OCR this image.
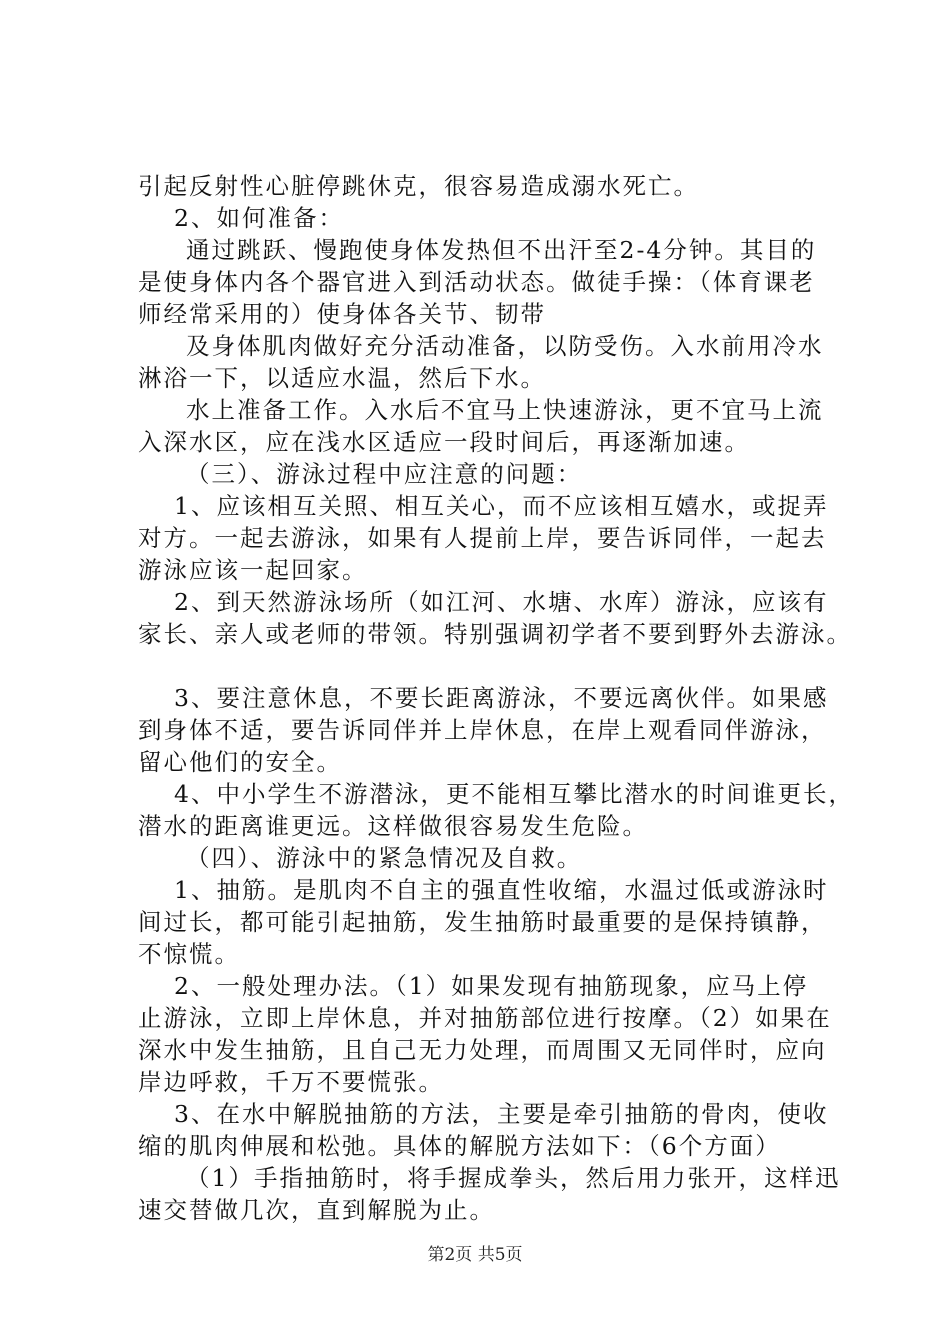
引起反射性心脏停跳休克，很容易造成溺水死亡。
2、如何准备：
通过跳跃、慢跑使身体发热但不出汗至2-4分钟。其目的
是使身体内各个器官进入到活动状态。做徒手操：（体育课老
师经常采用的）使身体各关节、韧带
及身体肌肉做好充分活动准备，以防受伤。入水前用冷水
淋浴一下，以适应水温，然后下水。
水上准备工作。入水后不宜马上快速游泳，更不宜马上流
入深水区，应在浅水区适应一段时间后，再逐渐加速。
（三）、游泳过程中应注意的问题：
1、应该相互关照、相互关心，而不应该相互嬉水，或捉弄
对方。一起去游泳，如果有人提前上岸，要告诉同伴，一起去
游泳应该一起回家。
2、到天然游泳场所（如江河、水塘、水库）游泳，应该有
家长、亲人或老师的带领。特别强调初学者不要到野外去游泳。
3、要注意休息，不要长距离游泳，不要远离伙伴。如果感
到身体不适，要告诉同伴并上岸休息，在岸上观看同伴游泳，
留心他们的安全。
4、中小学生不游潜泳，更不能相互攀比潜水的时间谁更长，
潜水的距离谁更远。这样做很容易发生危险。
（四）、游泳中的紧急情况及自救。
1、抽筋。是肌肉不自主的强直性收缩，水温过低或游泳时
间过长，都可能引起抽筋，发生抽筋时最重要的是保持镇静，
不惊慌。
2、一般处理办法。（1）如果发现有抽筋现象，应马上停
止游泳，立即上岸休息，并对抽筋部位进行按摩。（2）如果在
深水中发生抽筋，且自己无力处理，而周围又无同伴时，应向
岸边呼救，千万不要慌张。
3、在水中解脱抽筋的方法，主要是牵引抽筋的骨肉，使收
缩的肌肉伸展和松弛。具体的解脱方法如下：（6个方面）
（1）手指抽筋时，将手握成拳头，然后用力张开，这样迅
速交替做几次，直到解脱为止。
第2页 共5页
